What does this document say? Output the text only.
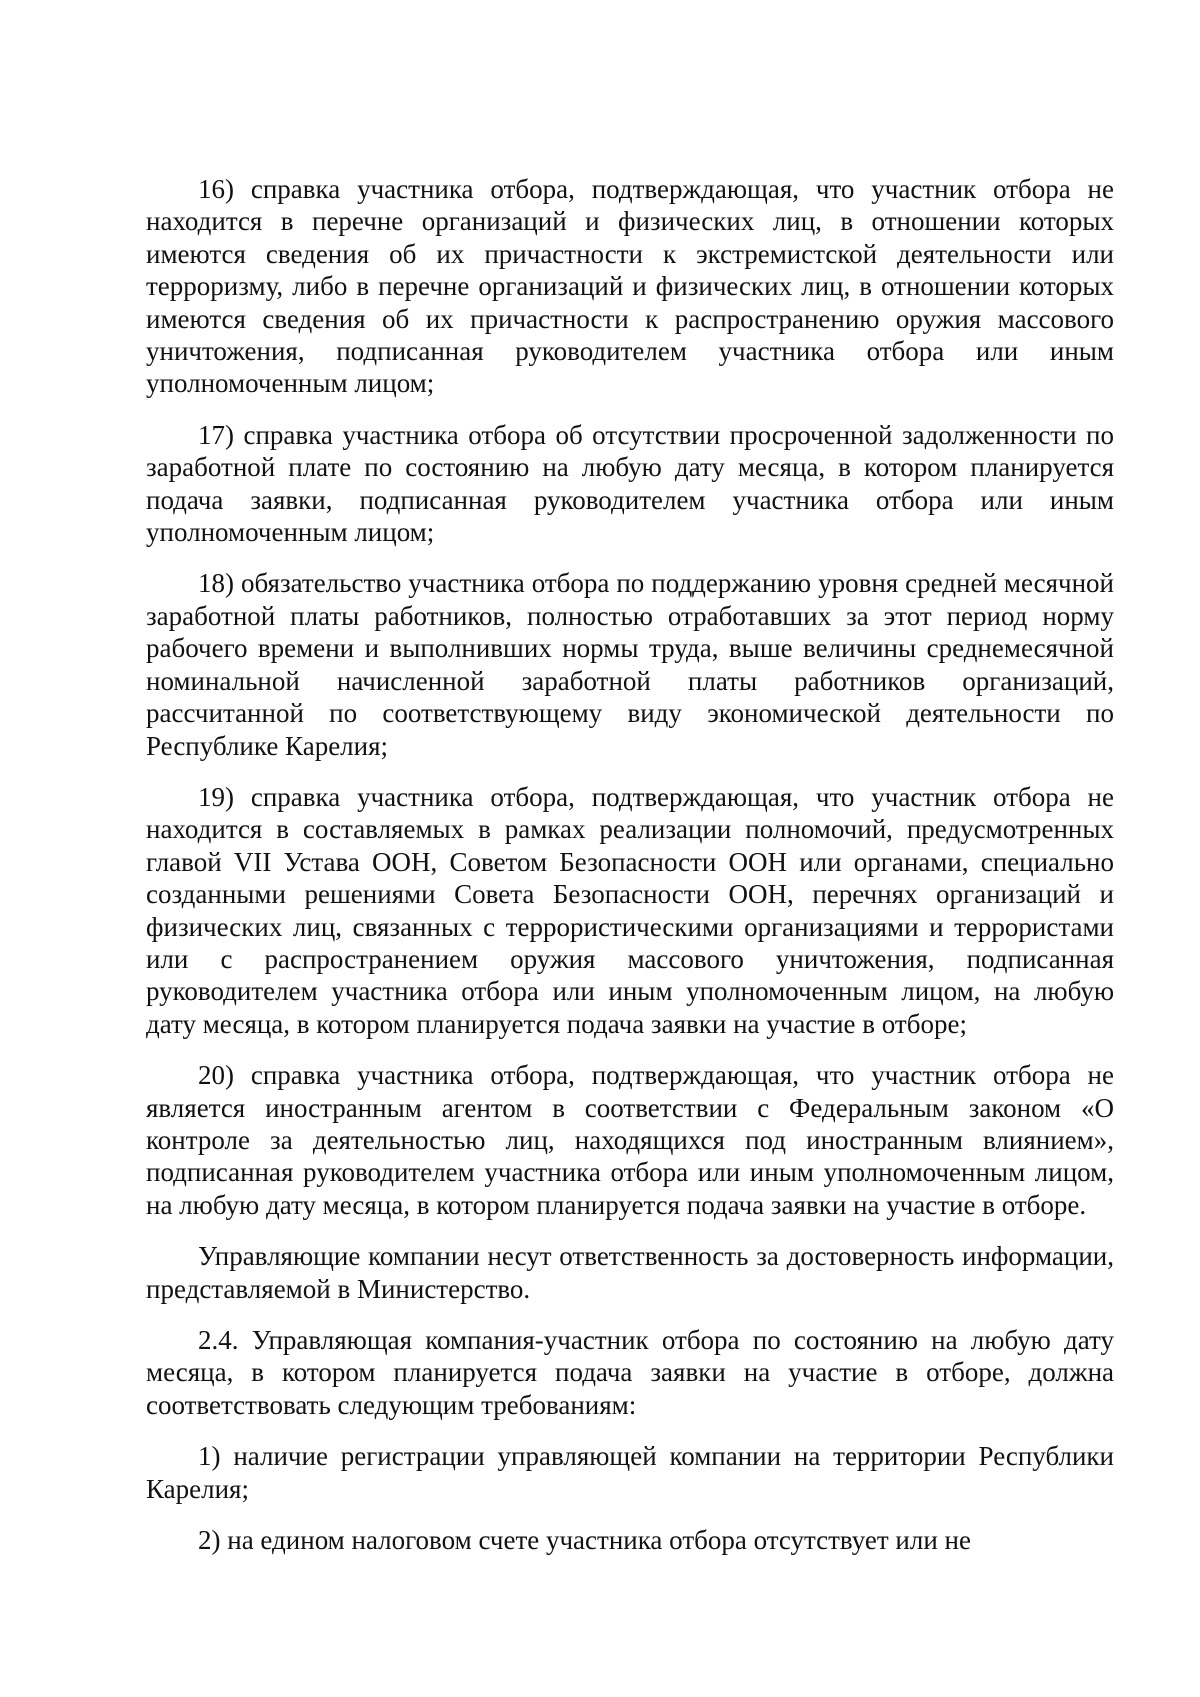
16) справка участника отбора, подтверждающая, что участник отбора не находится в перечне организаций и физических лиц, в отношении которых имеются сведения об их причастности к экстремистской деятельности или терроризму, либо в перечне организаций и физических лиц, в отношении которых имеются сведения об их причастности к распространению оружия массового уничтожения, подписанная руководителем участника отбора или иным уполномоченным лицом;

17) справка участника отбора об отсутствии просроченной задолженности по заработной плате по состоянию на любую дату месяца, в котором планируется подача заявки, подписанная руководителем участника отбора или иным уполномоченным лицом;

18) обязательство участника отбора по поддержанию уровня средней месячной заработной платы работников, полностью отработавших за этот период норму рабочего времени и выполнивших нормы труда, выше величины среднемесячной номинальной начисленной заработной платы работников организаций, рассчитанной по соответствующему виду экономической деятельности по Республике Карелия;

19) справка участника отбора, подтверждающая, что участник отбора не находится в составляемых в рамках реализации полномочий, предусмотренных главой VII Устава ООН, Советом Безопасности ООН или органами, специально созданными решениями Совета Безопасности ООН, перечнях организаций и физических лиц, связанных с террористическими организациями и террористами или с распространением оружия массового уничтожения, подписанная руководителем участника отбора или иным уполномоченным лицом, на любую дату месяца, в котором планируется подача заявки на участие в отборе;

20) справка участника отбора, подтверждающая, что участник отбора не является иностранным агентом в соответствии с Федеральным законом «О контроле за деятельностью лиц, находящихся под иностранным влиянием», подписанная руководителем участника отбора или иным уполномоченным лицом, на любую дату месяца, в котором планируется подача заявки на участие в отборе.

Управляющие компании несут ответственность за достоверность информации, представляемой в Министерство.

2.4. Управляющая компания-участник отбора по состоянию на любую дату месяца, в котором планируется подача заявки на участие в отборе, должна соответствовать следующим требованиям:

1) наличие регистрации управляющей компании на территории Республики Карелия;

2) на едином налоговом счете участника отбора отсутствует или не
